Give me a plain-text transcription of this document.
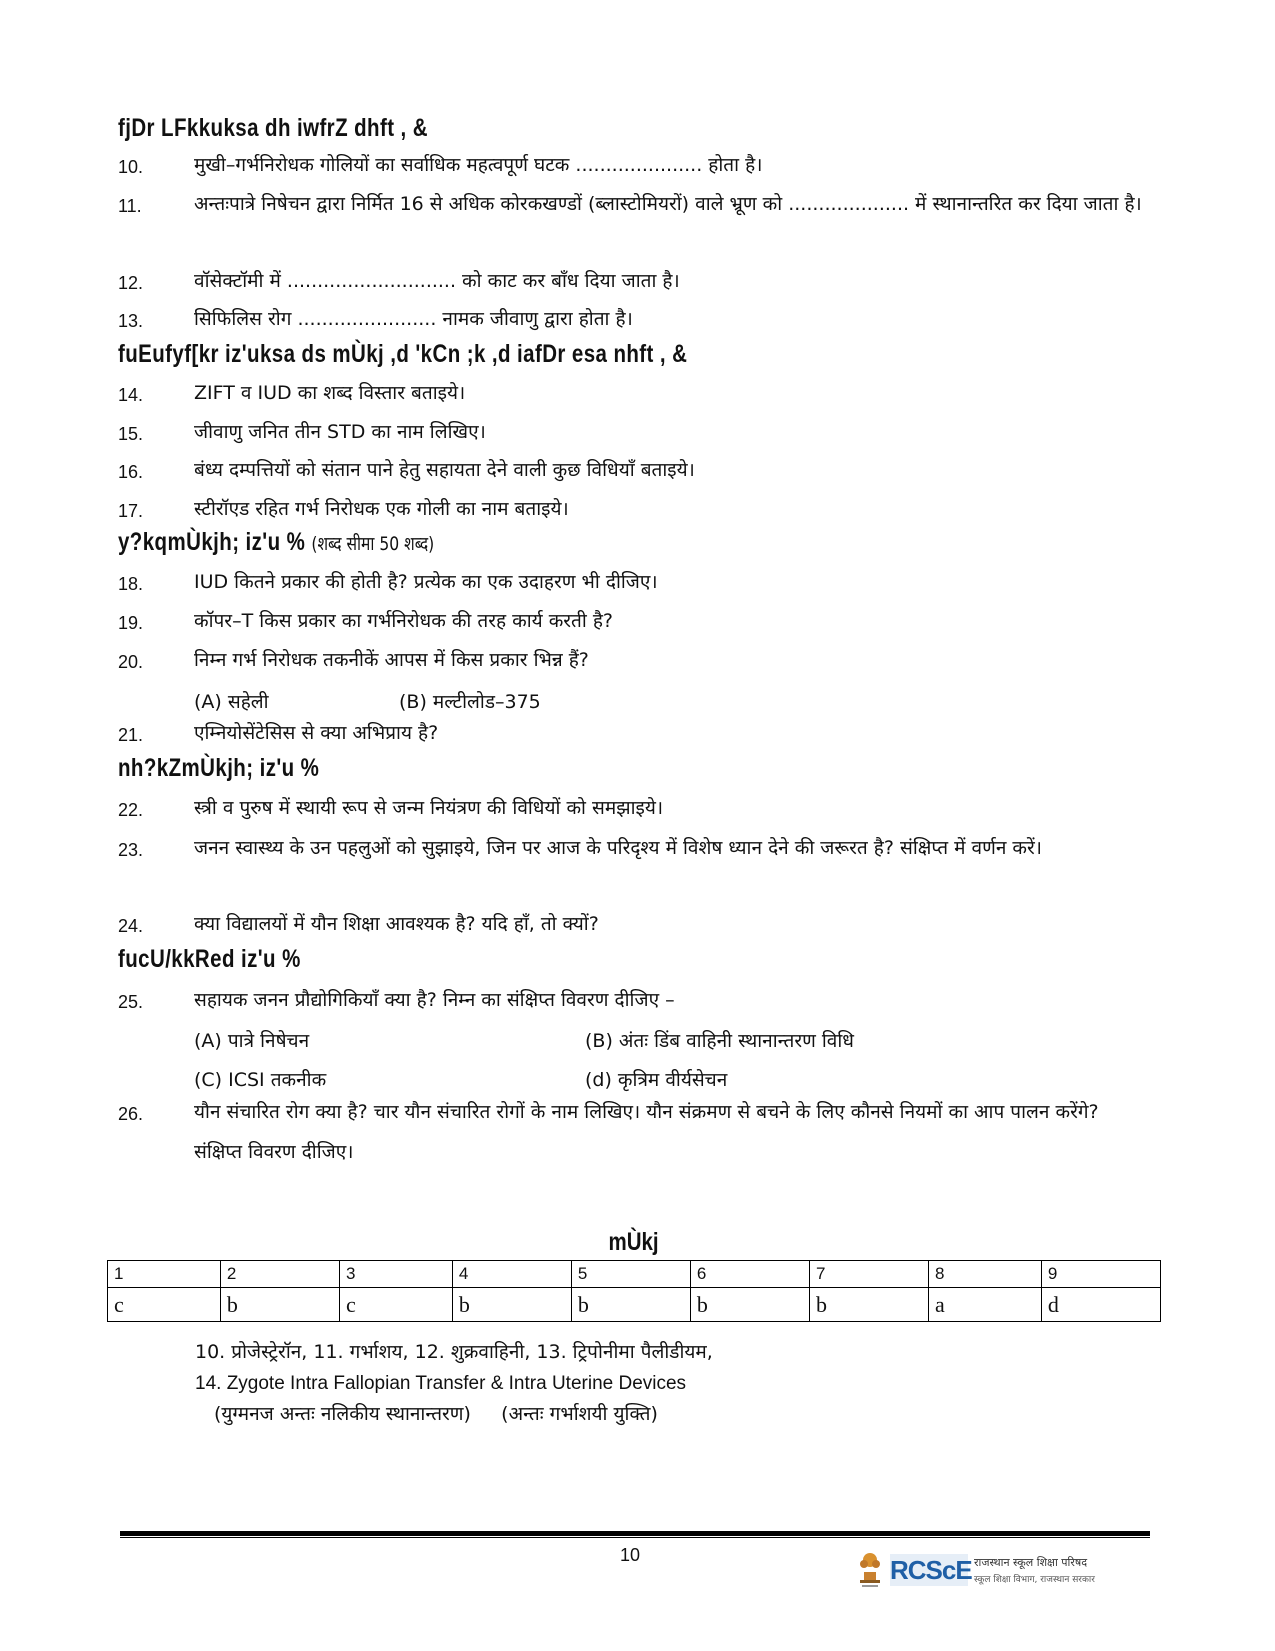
fjDr LFkkuksa dh iwfrZ dhft , &
10.	मुखी–गर्भनिरोधक गोलियों का सर्वाधिक महत्वपूर्ण घटक ..................... होता है।
11.	अन्तःपात्रे निषेचन द्वारा निर्मित 16 से अधिक कोरकखण्डों (ब्लास्टोमियरों) वाले भ्रूण को .................... में स्थानान्तरित कर दिया जाता है।
12.	वॉसेक्टॉमी में ............................ को काट कर बाँध दिया जाता है।
13.	सिफिलिस रोग ....................... नामक जीवाणु द्वारा होता है।
fuEufyf[kr iz'uksa ds mÙkj ,d 'kCn ;k ,d iafDr esa nhft , &
14.	ZIFT व IUD का शब्द विस्तार बताइये।
15.	जीवाणु जनित तीन STD का नाम लिखिए।
16.	बंध्य दम्पत्तियों को संतान पाने हेतु सहायता देने वाली कुछ विधियाँ बताइये।
17.	स्टीरॉएड रहित गर्भ निरोधक एक गोली का नाम बताइये।
y?kqmÙkjh; iz'u % (शब्द सीमा 50 शब्द)
18.	IUD कितने प्रकार की होती है? प्रत्येक का एक उदाहरण भी दीजिए।
19.	कॉपर–T किस प्रकार का गर्भनिरोधक की तरह कार्य करती है?
20.	निम्न गर्भ निरोधक तकनीकें आपस में किस प्रकार भिन्न हैं?
(A) सहेली	(B) मल्टीलोड–375
21.	एम्नियोसेंटेसिस से क्या अभिप्राय है?
nh?kZmÙkjh; iz'u %
22.	स्त्री व पुरुष में स्थायी रूप से जन्म नियंत्रण की विधियों को समझाइये।
23.	जनन स्वास्थ्य के उन पहलुओं को सुझाइये, जिन पर आज के परिदृश्य में विशेष ध्यान देने की जरूरत है? संक्षिप्त में वर्णन करें।
24.	क्या विद्यालयों में यौन शिक्षा आवश्यक है? यदि हाँ, तो क्यों?
fucU/kkRed iz'u %
25.	सहायक जनन प्रौद्योगिकियाँ क्या है? निम्न का संक्षिप्त विवरण दीजिए –
(A) पात्रे निषेचन	(B) अंतः डिंब वाहिनी स्थानान्तरण विधि
(C) ICSI तकनीक	(d) कृत्रिम वीर्यसेचन
26.	यौन संचारित रोग क्या है? चार यौन संचारित रोगों के नाम लिखिए। यौन संक्रमण से बचने के लिए कौनसे नियमों का आप पालन करेंगे? संक्षिप्त विवरण दीजिए।
mÙkj
1	2	3	4	5	6	7	8	9
c	b	c	b	b	b	b	a	d
10. प्रोजेस्ट्रेरॉन, 11. गर्भाशय, 12. शुक्रवाहिनी, 13. ट्रिपोनीमा पैलीडीयम,
14. Zygote Intra Fallopian Transfer & Intra Uterine Devices
(युग्मनज अन्तः नलिकीय स्थानान्तरण)     (अन्तः गर्भाशयी युक्ति)
10	RCScE राजस्थान स्कूल शिक्षा परिषद
स्कूल शिक्षा विभाग, राजस्थान सरकार
